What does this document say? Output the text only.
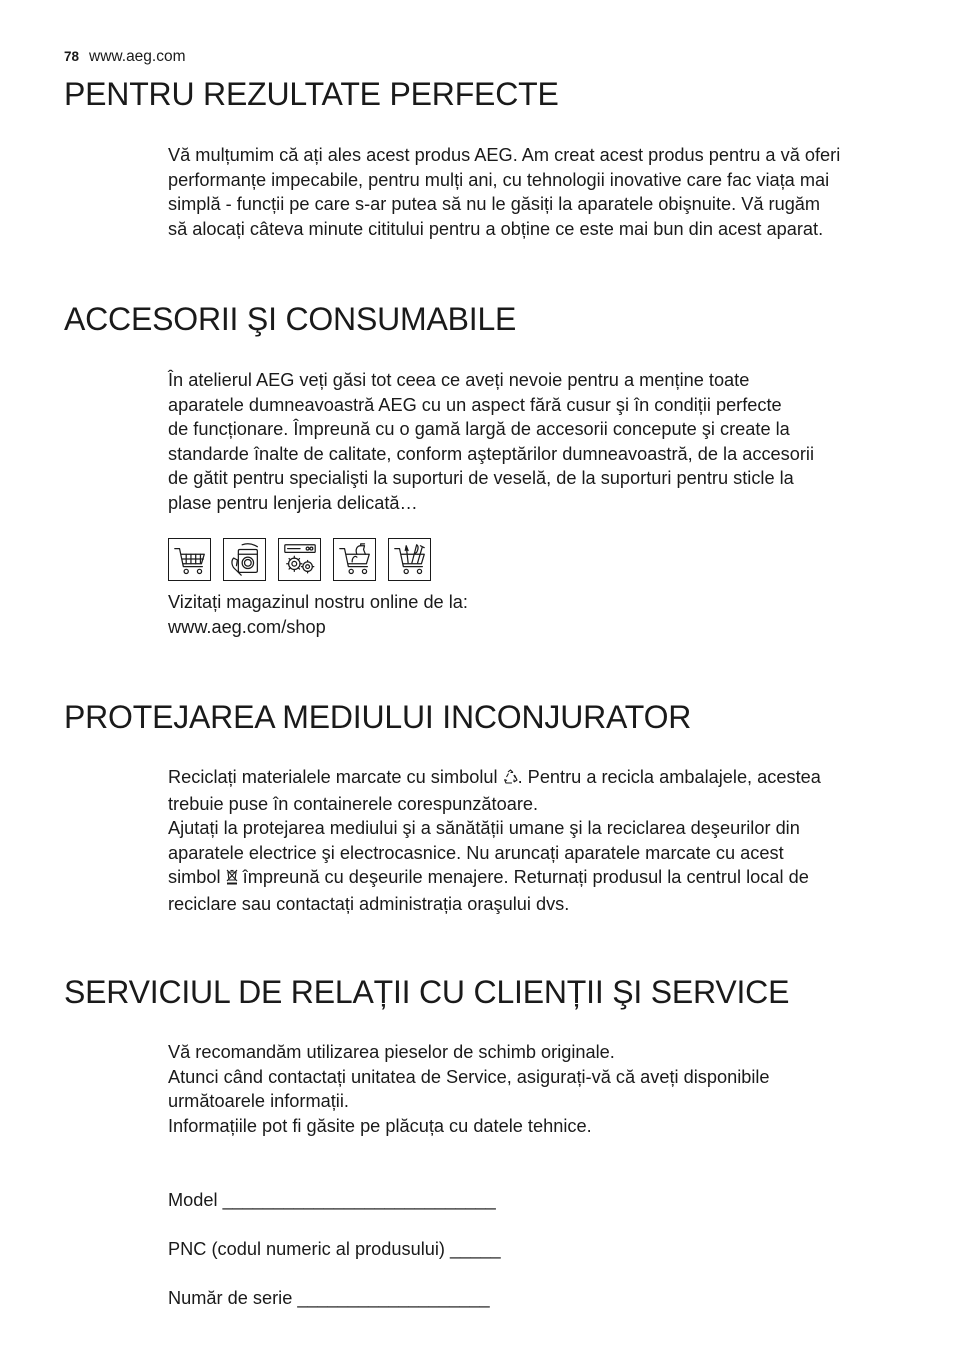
78 www.aeg.com
PENTRU REZULTATE PERFECTE
Vă mulțumim că ați ales acest produs AEG. Am creat acest produs pentru a vă oferi
performanțe impecabile, pentru mulți ani, cu tehnologii inovative care fac viața mai
simplă - funcții pe care s-ar putea să nu le găsiți la aparatele obişnuite. Vă rugăm
să alocați câteva minute cititului pentru a obține ce este mai bun din acest aparat.
ACCESORII ŞI CONSUMABILE
În atelierul AEG veți găsi tot ceea ce aveți nevoie pentru a menține toate
aparatele dumneavoastră AEG cu un aspect fără cusur şi în condiții perfecte
de funcționare. Împreună cu o gamă largă de accesorii concepute şi create la
standarde înalte de calitate, conform aşteptărilor dumneavoastră, de la accesorii
de gătit pentru specialişti la suporturi de veselă, de la suporturi pentru sticle la
plase pentru lenjeria delicată…
Vizitați magazinul nostru online de la:
www.aeg.com/shop
PROTEJAREA MEDIULUI INCONJURATOR
Reciclați materialele marcate cu simbolul . Pentru a recicla ambalajele, acestea
trebuie puse în containerele corespunzătoare.
Ajutați la protejarea mediului şi a sănătății umane şi la reciclarea deşeurilor din
aparatele electrice şi electrocasnice. Nu aruncați aparatele marcate cu acest
simbol  împreună cu deşeurile menajere. Returnați produsul la centrul local de
reciclare sau contactați administrația oraşului dvs.
SERVICIUL DE RELAȚII CU CLIENȚII ŞI SERVICE
Vă recomandăm utilizarea pieselor de schimb originale.
Atunci când contactați unitatea de Service, asigurați-vă că aveți disponibile
următoarele informații.
Informațiile pot fi găsite pe plăcuța cu datele tehnice.
Model ___________________________
PNC (codul numeric al produsului) _____
Număr de serie ___________________
